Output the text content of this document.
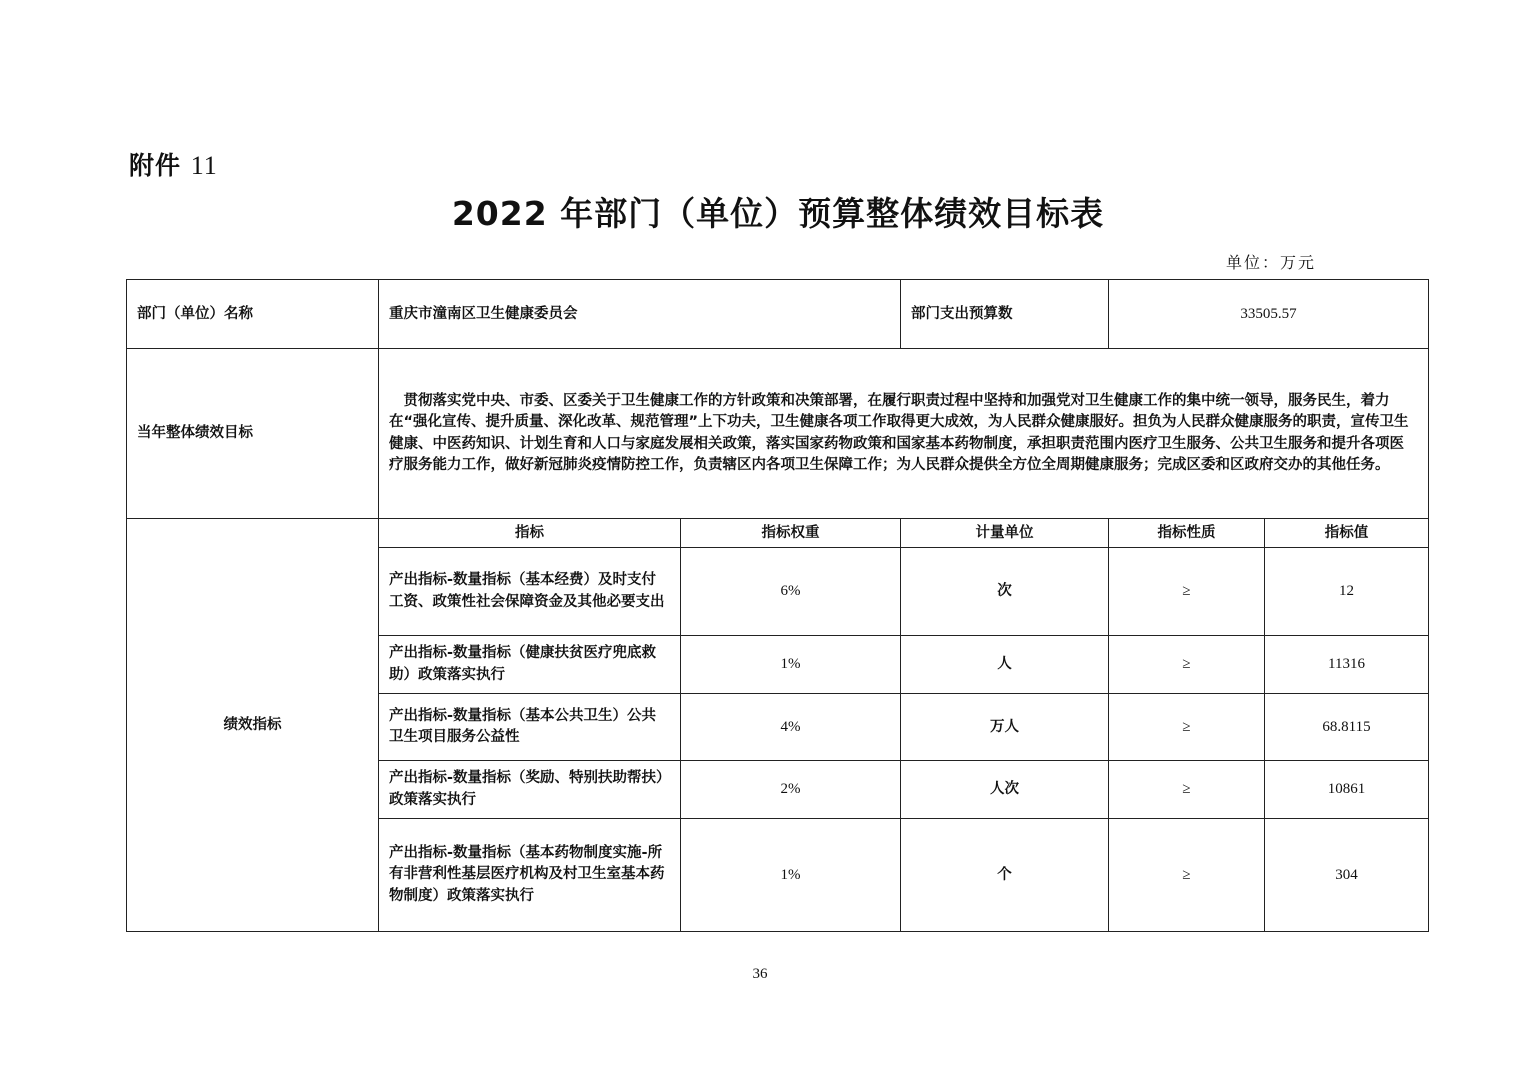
附件 11
2022 年部门（单位）预算整体绩效目标表
单位：万元
部门（单位）名称	重庆市潼南区卫生健康委员会	部门支出预算数	33505.57
当年整体绩效目标
贯彻落实党中央、市委、区委关于卫生健康工作的方针政策和决策部署，在履行职责过程中坚持和加强党对卫生健康工作的集中统一领导，服务民生，着力在“强化宣传、提升质量、深化改革、规范管理”上下功夫，卫生健康各项工作取得更大成效，为人民群众健康服好。担负为人民群众健康服务的职责，宣传卫生健康、中医药知识、计划生育和人口与家庭发展相关政策，落实国家药物政策和国家基本药物制度，承担职责范围内医疗卫生服务、公共卫生服务和提升各项医疗服务能力工作，做好新冠肺炎疫情防控工作，负责辖区内各项卫生保障工作；为人民群众提供全方位全周期健康服务；完成区委和区政府交办的其他任务。
绩效指标
指标	指标权重	计量单位	指标性质	指标值
产出指标-数量指标（基本经费）及时支付工资、政策性社会保障资金及其他必要支出
6%	次	≥	12
产出指标-数量指标（健康扶贫医疗兜底救助）政策落实执行
1%	人	≥	11316
产出指标-数量指标（基本公共卫生）公共卫生项目服务公益性
4%	万人	≥	68.8115
产出指标-数量指标（奖励、特别扶助帮扶）政策落实执行
2%	人次	≥	10861
产出指标-数量指标（基本药物制度实施-所有非营利性基层医疗机构及村卫生室基本药物制度）政策落实执行
1%	个	≥	304
36
